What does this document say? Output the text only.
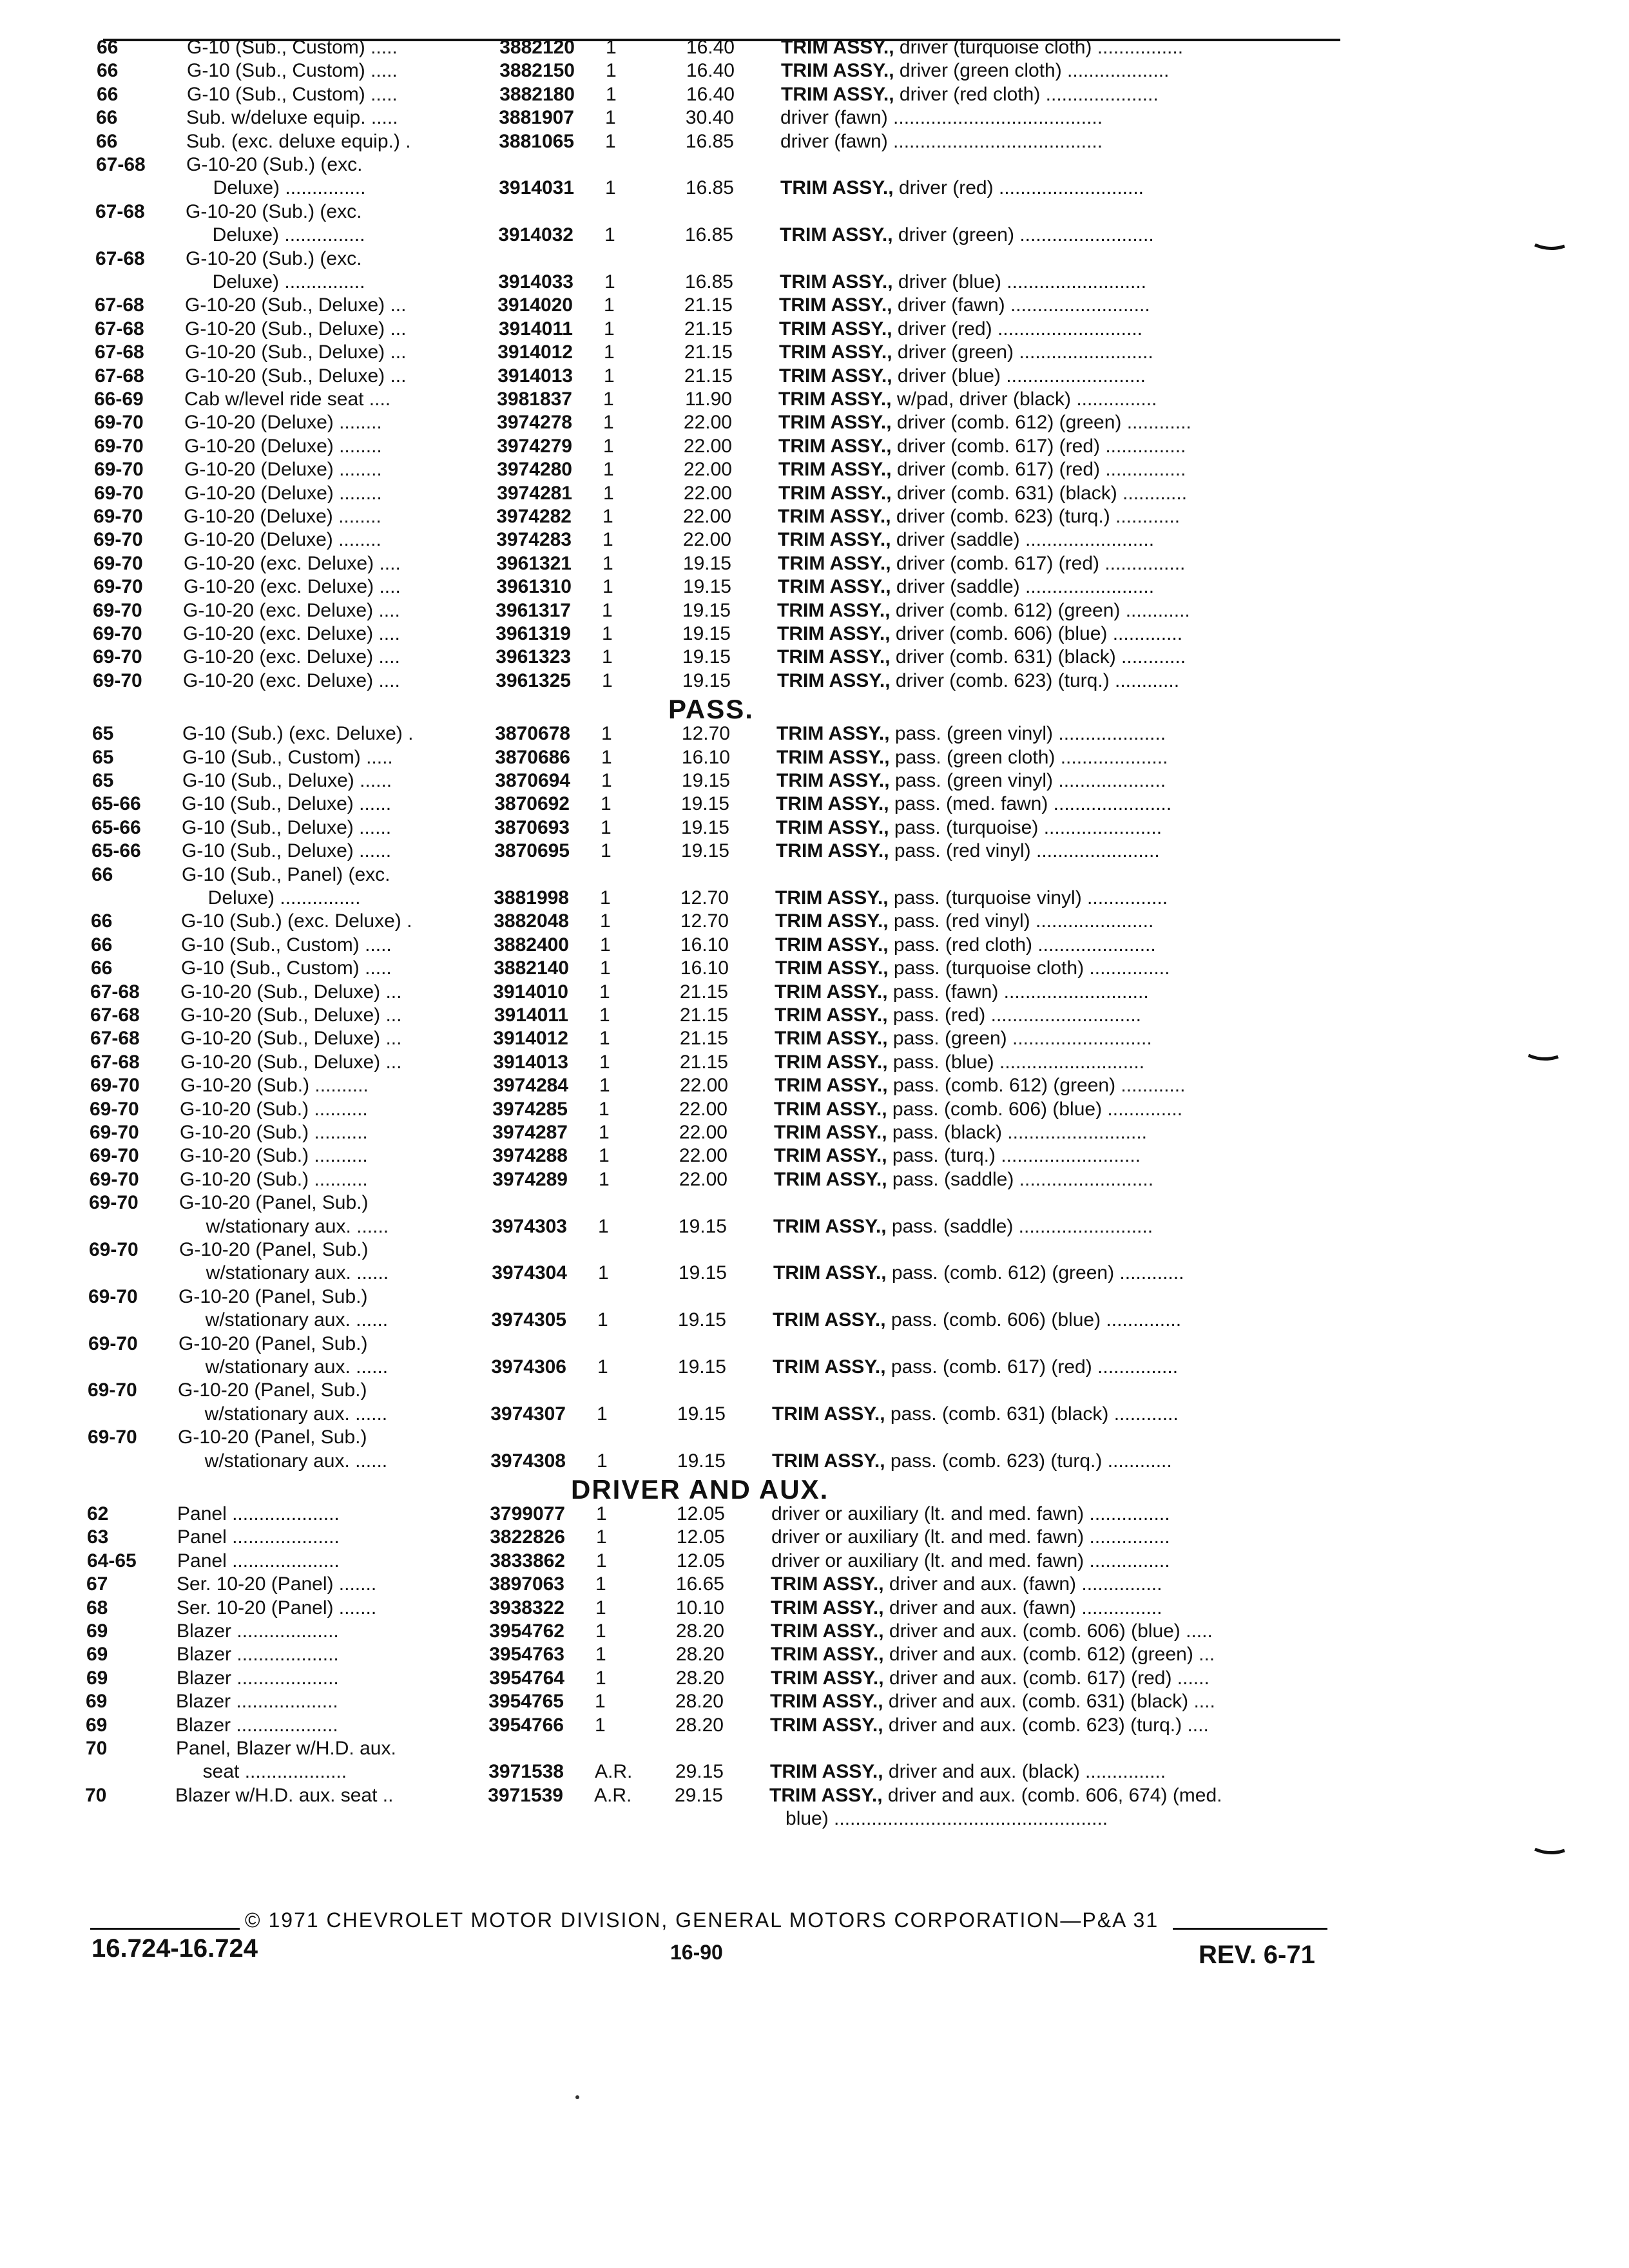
66	G-10 (Sub., Custom) .....	3882120 1	16.40 TRIM ASSY., driver (turquoise cloth) ................
66	G-10 (Sub., Custom) .....	3882150 1	16.40 TRIM ASSY., driver (green cloth) ...................
66	G-10 (Sub., Custom) .....	3882180 1	16.40 TRIM ASSY., driver (red cloth) .....................
66	Sub. w/deluxe equip. .....	3881907 1	30.40 driver (fawn) .......................................
66	Sub. (exc. deluxe equip.) .	3881065 1	16.85 driver (fawn) .......................................
67-68 G-10-20 (Sub.) (exc.
Deluxe) ...............	3914031 1	16.85 TRIM ASSY., driver (red) ...........................
67-68 G-10-20 (Sub.) (exc.
Deluxe) ...............	3914032 1	16.85 TRIM ASSY., driver (green) .........................
67-68 G-10-20 (Sub.) (exc.
Deluxe) ...............	3914033 1	16.85 TRIM ASSY., driver (blue) ..........................
67-68 G-10-20 (Sub., Deluxe) ...	3914020 1	21.15 TRIM ASSY., driver (fawn) ..........................
67-68 G-10-20 (Sub., Deluxe) ...	3914011 1	21.15 TRIM ASSY., driver (red) ...........................
67-68 G-10-20 (Sub., Deluxe) ...	3914012 1	21.15 TRIM ASSY., driver (green) .........................
67-68 G-10-20 (Sub., Deluxe) ...	3914013 1	21.15 TRIM ASSY., driver (blue) ..........................
66-69 Cab w/level ride seat ....	3981837 1	11.90 TRIM ASSY., w/pad, driver (black) ...............
69-70 G-10-20 (Deluxe) ........	3974278 1	22.00 TRIM ASSY., driver (comb. 612) (green) ............
69-70 G-10-20 (Deluxe) ........	3974279 1	22.00 TRIM ASSY., driver (comb. 617) (red) ...............
69-70 G-10-20 (Deluxe) ........	3974280 1	22.00 TRIM ASSY., driver (comb. 617) (red) ...............
69-70 G-10-20 (Deluxe) ........	3974281 1	22.00 TRIM ASSY., driver (comb. 631) (black) ............
69-70 G-10-20 (Deluxe) ........	3974282 1	22.00 TRIM ASSY., driver (comb. 623) (turq.) ............
69-70 G-10-20 (Deluxe) ........	3974283 1	22.00 TRIM ASSY., driver (saddle) ........................
69-70 G-10-20 (exc. Deluxe) ....	3961321 1	19.15 TRIM ASSY., driver (comb. 617) (red) ...............
69-70 G-10-20 (exc. Deluxe) ....	3961310 1	19.15 TRIM ASSY., driver (saddle) ........................
69-70 G-10-20 (exc. Deluxe) ....	3961317 1	19.15 TRIM ASSY., driver (comb. 612) (green) ............
69-70 G-10-20 (exc. Deluxe) ....	3961319 1	19.15 TRIM ASSY., driver (comb. 606) (blue) .............
69-70 G-10-20 (exc. Deluxe) ....	3961323 1	19.15 TRIM ASSY., driver (comb. 631) (black) ............
69-70 G-10-20 (exc. Deluxe) ....	3961325 1	19.15 TRIM ASSY., driver (comb. 623) (turq.) ............
PASS.
65	G-10 (Sub.) (exc. Deluxe) .	3870678 1	12.70 TRIM ASSY., pass. (green vinyl) ....................
65	G-10 (Sub., Custom) .....	3870686 1	16.10 TRIM ASSY., pass. (green cloth) ....................
65	G-10 (Sub., Deluxe) ......	3870694 1	19.15 TRIM ASSY., pass. (green vinyl) ....................
65-66 G-10 (Sub., Deluxe) ......	3870692 1	19.15 TRIM ASSY., pass. (med. fawn) ......................
65-66 G-10 (Sub., Deluxe) ......	3870693 1	19.15 TRIM ASSY., pass. (turquoise) ......................
65-66 G-10 (Sub., Deluxe) ......	3870695 1	19.15 TRIM ASSY., pass. (red vinyl) .......................
66	G-10 (Sub., Panel) (exc.
Deluxe) ...............	3881998 1	12.70 TRIM ASSY., pass. (turquoise vinyl) ...............
66	G-10 (Sub.) (exc. Deluxe) .	3882048 1	12.70 TRIM ASSY., pass. (red vinyl) ......................
66	G-10 (Sub., Custom) .....	3882400 1	16.10 TRIM ASSY., pass. (red cloth) ......................
66	G-10 (Sub., Custom) .....	3882140 1	16.10 TRIM ASSY., pass. (turquoise cloth) ...............
67-68 G-10-20 (Sub., Deluxe) ...	3914010 1	21.15 TRIM ASSY., pass. (fawn) ...........................
67-68 G-10-20 (Sub., Deluxe) ...	3914011 1	21.15 TRIM ASSY., pass. (red) ............................
67-68 G-10-20 (Sub., Deluxe) ...	3914012 1	21.15 TRIM ASSY., pass. (green) ..........................
67-68 G-10-20 (Sub., Deluxe) ...	3914013 1	21.15 TRIM ASSY., pass. (blue) ...........................
69-70 G-10-20 (Sub.) ..........	3974284 1	22.00 TRIM ASSY., pass. (comb. 612) (green) ............
69-70 G-10-20 (Sub.) ..........	3974285 1	22.00 TRIM ASSY., pass. (comb. 606) (blue) ..............
69-70 G-10-20 (Sub.) ..........	3974287 1	22.00 TRIM ASSY., pass. (black) ..........................
69-70 G-10-20 (Sub.) ..........	3974288 1	22.00 TRIM ASSY., pass. (turq.) ..........................
69-70 G-10-20 (Sub.) ..........	3974289 1	22.00 TRIM ASSY., pass. (saddle) .........................
69-70 G-10-20 (Panel, Sub.)
w/stationary aux. ......	3974303 1	19.15 TRIM ASSY., pass. (saddle) .........................
69-70 G-10-20 (Panel, Sub.)
w/stationary aux. ......	3974304 1	19.15 TRIM ASSY., pass. (comb. 612) (green) ............
69-70 G-10-20 (Panel, Sub.)
w/stationary aux. ......	3974305 1	19.15 TRIM ASSY., pass. (comb. 606) (blue) ..............
69-70 G-10-20 (Panel, Sub.)
w/stationary aux. ......	3974306 1	19.15 TRIM ASSY., pass. (comb. 617) (red) ...............
69-70 G-10-20 (Panel, Sub.)
w/stationary aux. ......	3974307 1	19.15 TRIM ASSY., pass. (comb. 631) (black) ............
69-70 G-10-20 (Panel, Sub.)
w/stationary aux. ......	3974308 1	19.15 TRIM ASSY., pass. (comb. 623) (turq.) ............
DRIVER AND AUX.
62	Panel ....................	3799077 1	12.05 driver or auxiliary (lt. and med. fawn) ...............
63	Panel ....................	3822826 1	12.05 driver or auxiliary (lt. and med. fawn) ...............
64-65 Panel ....................	3833862 1	12.05 driver or auxiliary (lt. and med. fawn) ...............
67	Ser. 10-20 (Panel) .......	3897063 1	16.65 TRIM ASSY., driver and aux. (fawn) ...............
68	Ser. 10-20 (Panel) .......	3938322 1	10.10 TRIM ASSY., driver and aux. (fawn) ...............
69	Blazer ...................	3954762 1	28.20 TRIM ASSY., driver and aux. (comb. 606) (blue) .....
69	Blazer ...................	3954763 1	28.20 TRIM ASSY., driver and aux. (comb. 612) (green) ...
69	Blazer ...................	3954764 1	28.20 TRIM ASSY., driver and aux. (comb. 617) (red) ......
69	Blazer ...................	3954765 1	28.20 TRIM ASSY., driver and aux. (comb. 631) (black) ....
69	Blazer ...................	3954766 1	28.20 TRIM ASSY., driver and aux. (comb. 623) (turq.) ....
70	Panel, Blazer w/H.D. aux.
seat ...................	3971538 A.R.	29.15 TRIM ASSY., driver and aux. (black) ...............
70	Blazer w/H.D. aux. seat ..	3971539 A.R.	29.15 TRIM ASSY., driver and aux. (comb. 606, 674) (med.
blue) ...................................................
© 1971 CHEVROLET MOTOR DIVISION, GENERAL MOTORS CORPORATION—P&A 31
16.724-16.724	16-90	REV. 6-71
